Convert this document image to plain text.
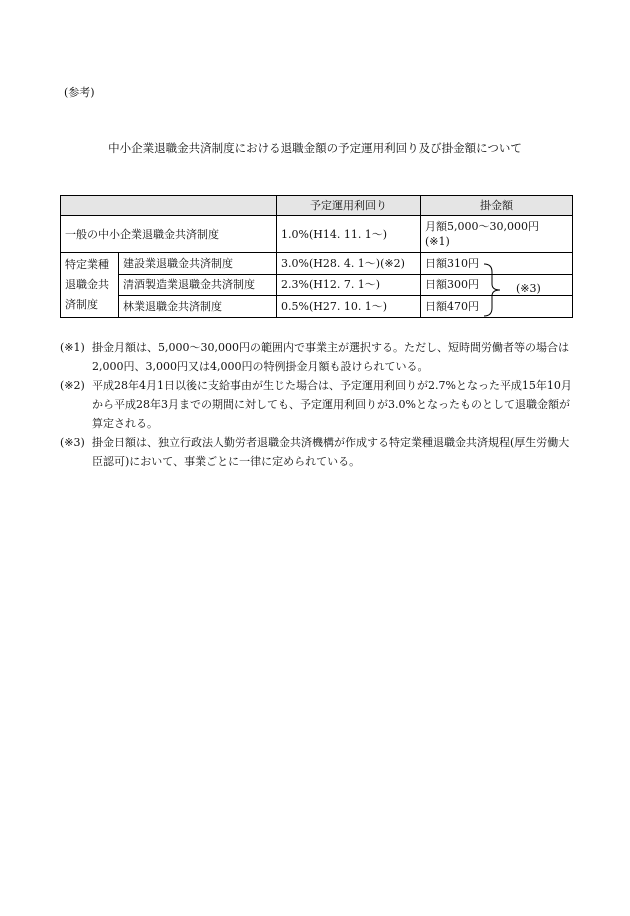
(参考)
中小企業退職金共済制度における退職金額の予定運用利回り及び掛金額について
		予定運用利回り	掛金額
一般の中小企業退職金共済制度		1.0%(H14. 11. 1〜)	月額5,000〜30,000円
(※1)

特定業種退職金共済制度	建設業退職金共済制度	3.0%(H28. 4. 1〜)(※2)	日額310円
	清酒製造業退職金共済制度	2.3%(H12. 7. 1〜)	日額300円
	林業退職金共済制度	0.5%(H27. 10. 1〜)	日額470円
(※3)
(※1) 掛金月額は、5,000〜30,000円の範囲内で事業主が選択する。ただし、短時間労働者等の場合は2,000円、3,000円又は4,000円の特例掛金月額も設けられている。
(※2) 平成28年4月1日以後に支給事由が生じた場合は、予定運用利回りが2.7%となった平成15年10月から平成28年3月までの期間に対しても、予定運用利回りが3.0%となったものとして退職金額が算定される。
(※3) 掛金日額は、独立行政法人勤労者退職金共済機構が作成する特定業種退職金共済規程(厚生労働大臣認可)において、事業ごとに一律に定められている。
